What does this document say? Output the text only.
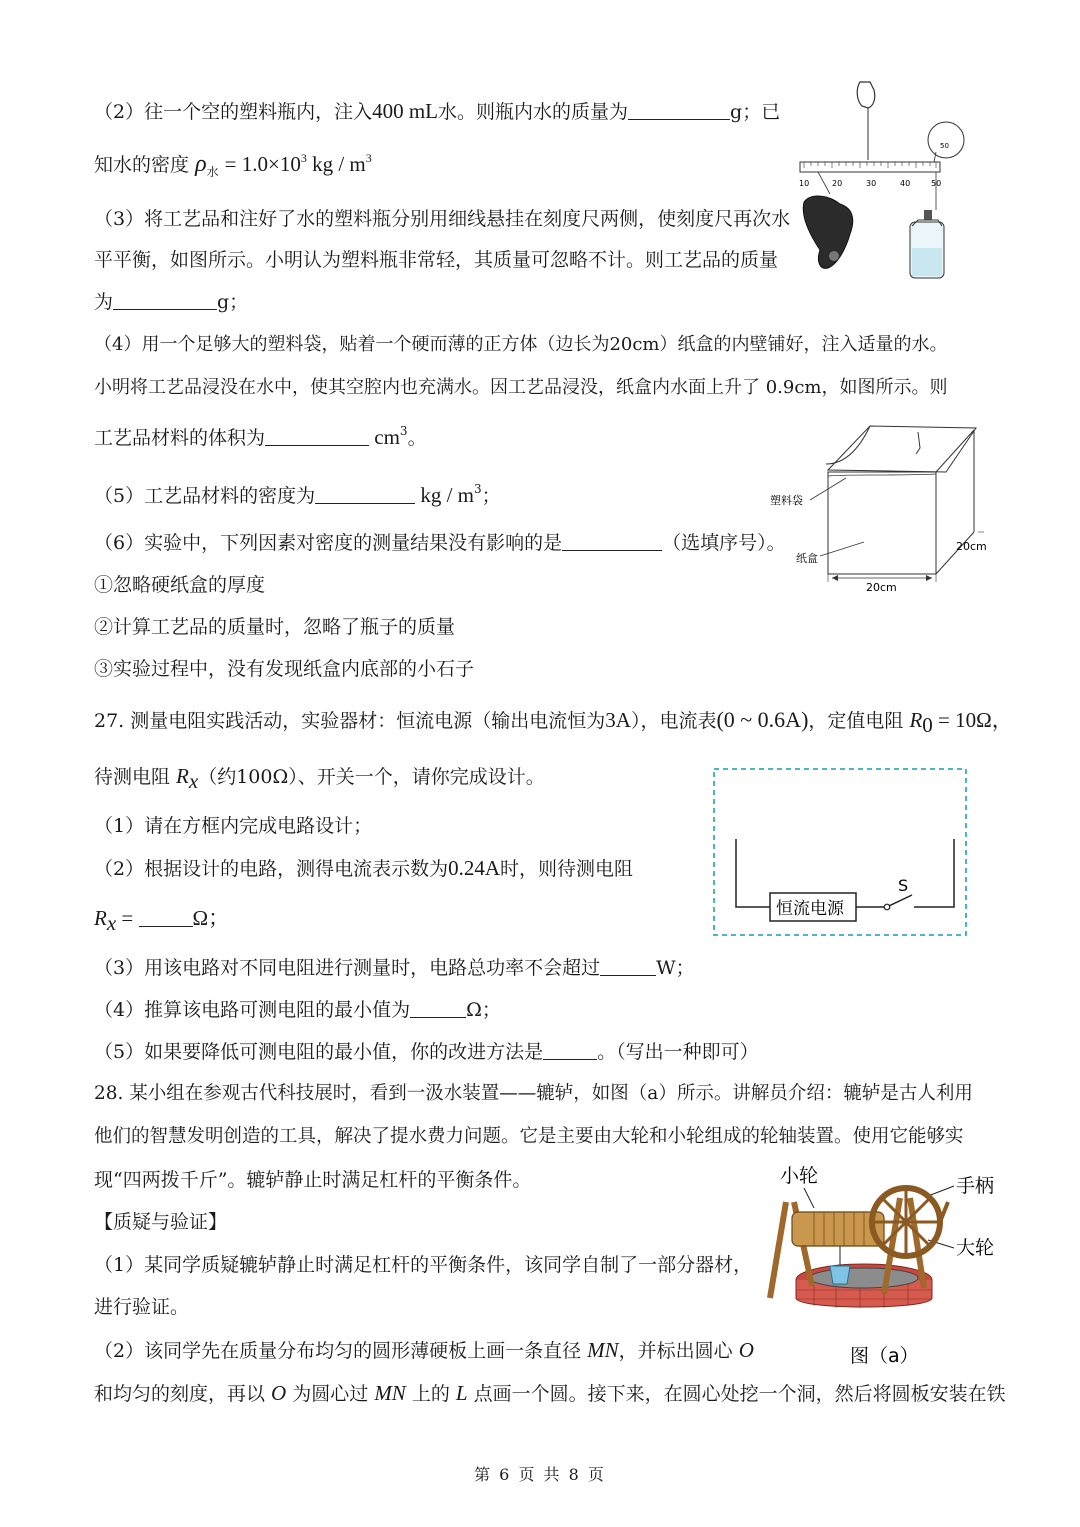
（2）往一个空的塑料瓶内，注入400 mL水。则瓶内水的质量为	g；已
知水的密度 $\rho_水 = 1.0\times 10^3$ kg / $m^3$
（3）将工艺品和注好了水的塑料瓶分别用细线悬挂在刻度尺两侧，使刻度尺再次水
平平衡，如图所示。小明认为塑料瓶非常轻，其质量可忽略不计。则工艺品的质量
为	g；
（4）用一个足够大的塑料袋，贴着一个硬而薄的正方体（边长为20cm）纸盒的内壁铺好，注入适量的水。
小明将工艺品浸没在水中，使其空腔内也充满水。因工艺品浸没，纸盒内水面上升了 0.9cm，如图所示。则
工艺品材料的体积为	$cm^3$。
（5）工艺品材料的密度为	kg / $m^3$；
（6）实验中，下列因素对密度的测量结果没有影响的是	（选填序号）。
①忽略硬纸盒的厚度
②计算工艺品的质量时，忽略了瓶子的质量
③实验过程中，没有发现纸盒内底部的小石子
10	20	30	40	50
50
塑料袋
纸盒
20cm
20cm
27. 测量电阻实践活动，实验器材：恒流电源（输出电流恒为3A），电流表(0 ~ 0.6A)，定值电阻 $R_0 = 10\Omega$，
待测电阻 $R_x$（约100Ω）、开关一个，请你完成设计。
（1）请在方框内完成电路设计；
（2）根据设计的电路，测得电流表示数为0.24A时，则待测电阻
$R_x$ =	Ω；
（3）用该电路对不同电阻进行测量时，电路总功率不会超过	W；
（4）推算该电路可测电阻的最小值为	Ω；
（5）如果要降低可测电阻的最小值，你的改进方法是	。（写出一种即可）
恒流电源
S
28. 某小组在参观古代科技展时，看到一汲水装置——辘轳，如图（a）所示。讲解员介绍：辘轳是古人利用
他们的智慧发明创造的工具，解决了提水费力问题。它是主要由大轮和小轮组成的轮轴装置。使用它能够实
现“四两拨千斤”。辘轳静止时满足杠杆的平衡条件。
【质疑与验证】
（1）某同学质疑辘轳静止时满足杠杆的平衡条件，该同学自制了一部分器材，
进行验证。
（2）该同学先在质量分布均匀的圆形薄硬板上画一条直径 MN，并标出圆心 O
和均匀的刻度，再以 O 为圆心过 MN 上的 L 点画一个圆。接下来，在圆心处挖一个洞，然后将圆板安装在铁
小轮	手柄
大轮
图（a）
第 6 页 共 8 页
